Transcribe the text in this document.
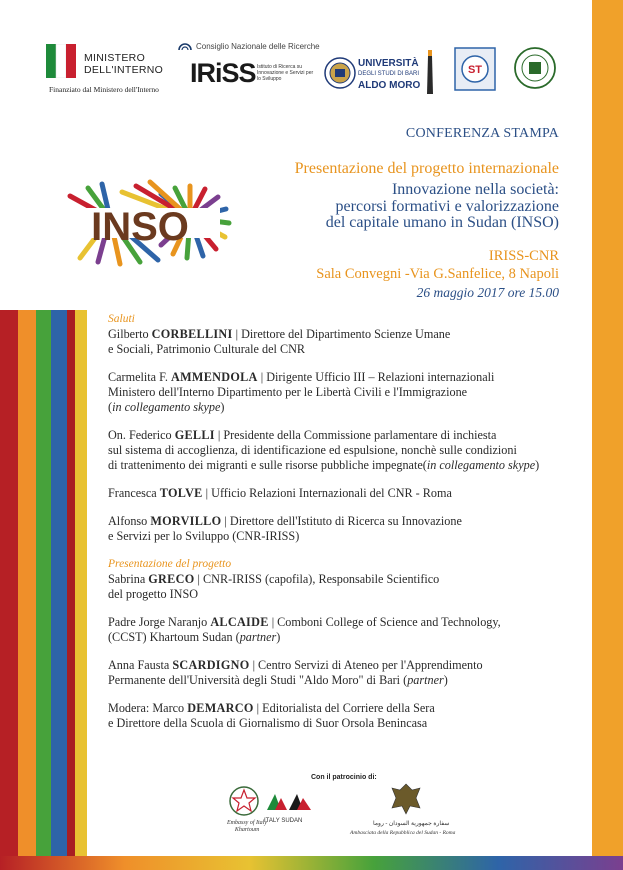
MINISTERO
DELL'INTERNO
Finanziato dal Ministero dell'Interno
Consiglio Nazionale delle Ricerche
IRiSS Istituto di Ricerca su Innovazione e Servizi per lo Sviluppo
UNIVERSITÀ
DEGLI STUDI DI BARI
ALDO MORO
ST
INSO
CONFERENZA STAMPA
Presentazione del progetto internazionale
Innovazione nella società:
percorsi formativi e valorizzazione
del capitale umano in Sudan (INSO)
IRISS-CNR
Sala Convegni -Via G.Sanfelice, 8 Napoli
26 maggio 2017 ore 15.00
Saluti
Gilberto CORBELLINI | Direttore del Dipartimento Scienze Umane
e Sociali, Patrimonio Culturale del CNR
Carmelita F. AMMENDOLA | Dirigente Ufficio III – Relazioni internazionali
Ministero dell'Interno Dipartimento per le Libertà Civili e l'Immigrazione
(in collegamento skype)
On. Federico GELLI | Presidente della Commissione parlamentare di inchiesta
sul sistema di accoglienza, di identificazione ed espulsione, nonchè sulle condizioni
di trattenimento dei migranti e sulle risorse pubbliche impegnate(in collegamento skype)
Francesca TOLVE | Ufficio Relazioni Internazionali del CNR - Roma
Alfonso MORVILLO | Direttore dell'Istituto di Ricerca su Innovazione
e Servizi per lo Sviluppo (CNR-IRISS)
Presentazione del progetto
Sabrina GRECO | CNR-IRISS (capofila), Responsabile Scientifico
del progetto INSO
Padre Jorge Naranjo ALCAIDE | Comboni College of Science and Technology,
(CCST) Khartoum Sudan (partner)
Anna Fausta SCARDIGNO | Centro Servizi di Ateneo per l'Apprendimento
Permanente dell'Università degli Studi "Aldo Moro" di Bari (partner)
Modera: Marco DEMARCO | Editorialista del Corriere della Sera
e Direttore della Scuola di Giornalismo di Suor Orsola Benincasa
Con il patrocinio di:
Embassy of Italy Khartoum
ITALY SUDAN	سفارة جمهورية السودان - روما
Ambasciata della Repubblica del Sudan - Roma
